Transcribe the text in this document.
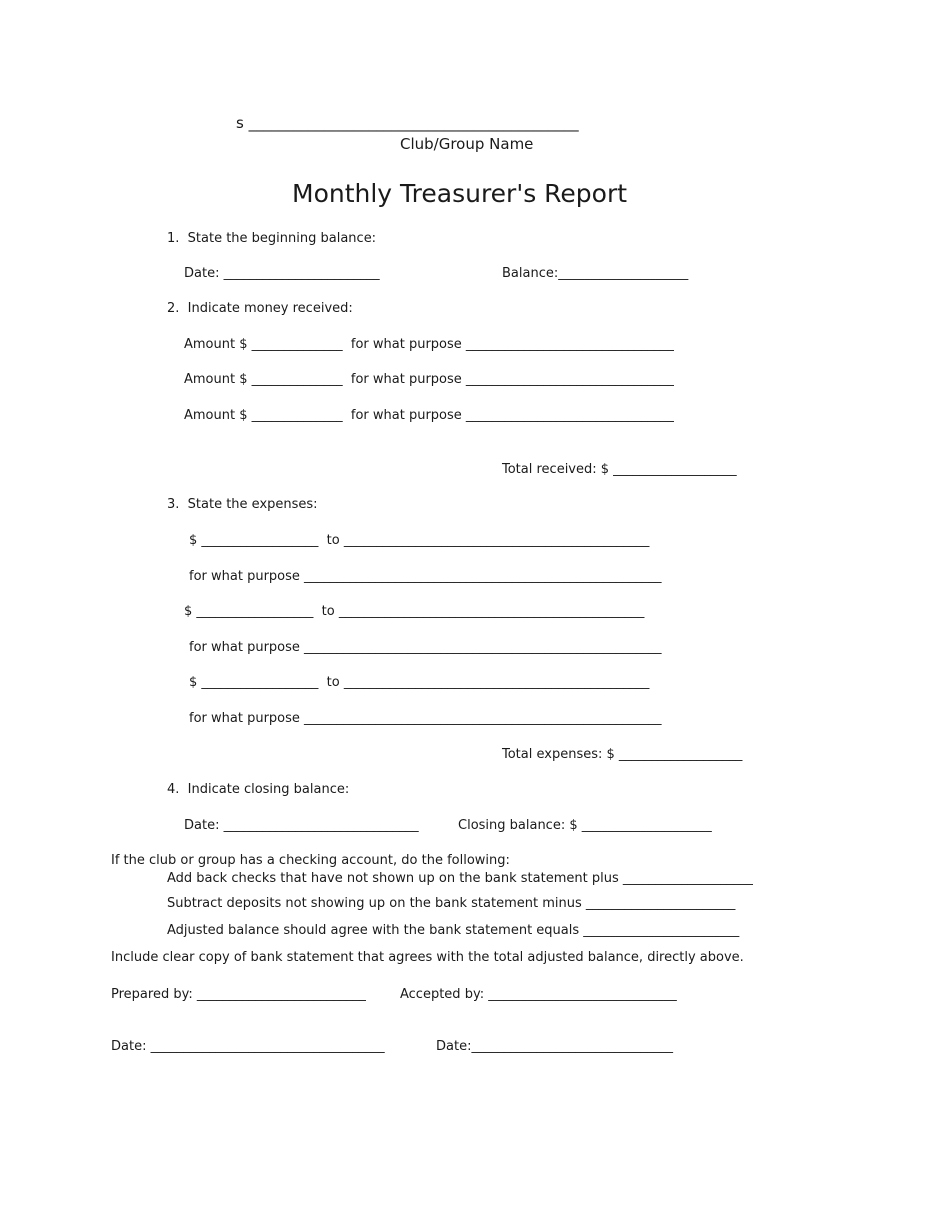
s ____________________________________________
Club/Group Name
Monthly Treasurer's Report
1.  State the beginning balance:
Date: ________________________	Balance:____________________
2.  Indicate money received:
Amount $ ______________  for what purpose ________________________________
Amount $ ______________  for what purpose ________________________________
Amount $ ______________  for what purpose ________________________________
Total received: $ ___________________
3.  State the expenses:
$ __________________  to _______________________________________________
for what purpose _______________________________________________________
$ __________________  to _______________________________________________
for what purpose _______________________________________________________
$ __________________  to _______________________________________________
for what purpose _______________________________________________________
Total expenses: $ ___________________
4.  Indicate closing balance:
Date: ______________________________	Closing balance: $ ____________________
If the club or group has a checking account, do the following:
Add back checks that have not shown up on the bank statement plus ____________________
Subtract deposits not showing up on the bank statement minus _______________________
Adjusted balance should agree with the bank statement equals ________________________
Include clear copy of bank statement that agrees with the total adjusted balance, directly above.
Prepared by: __________________________	Accepted by: _____________________________
Date: ____________________________________	Date:_______________________________
